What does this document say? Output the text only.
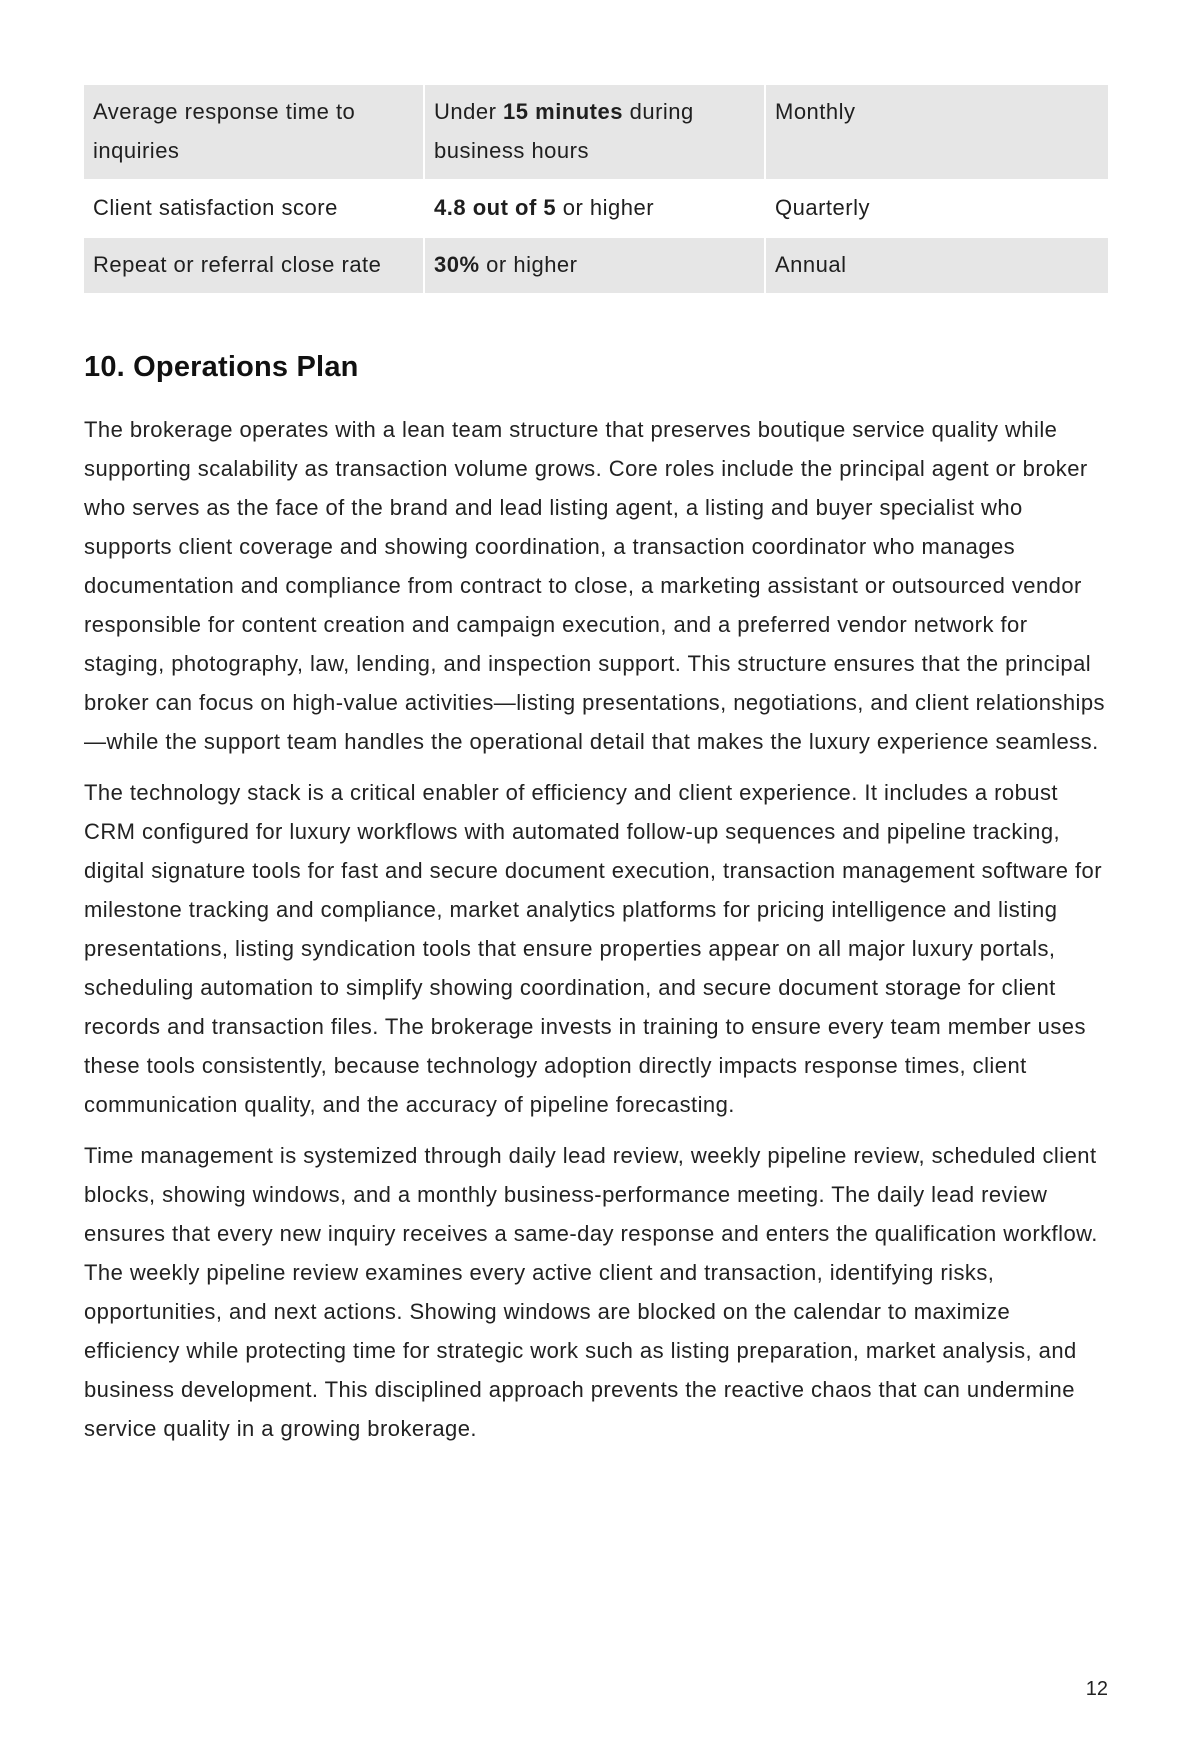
Average response time to inquiries	Under 15 minutes during business hours	Monthly
Client satisfaction score	4.8 out of 5 or higher	Quarterly
Repeat or referral close rate	30% or higher	Annual
10. Operations Plan

The brokerage operates with a lean team structure that preserves boutique service quality while supporting scalability as transaction volume grows. Core roles include the principal agent or broker who serves as the face of the brand and lead listing agent, a listing and buyer specialist who supports client coverage and showing coordination, a transaction coordinator who manages documentation and compliance from contract to close, a marketing assistant or outsourced vendor responsible for content creation and campaign execution, and a preferred vendor network for staging, photography, law, lending, and inspection support. This structure ensures that the principal broker can focus on high-value activities—listing presentations, negotiations, and client relationships—while the support team handles the operational detail that makes the luxury experience seamless.

The technology stack is a critical enabler of efficiency and client experience. It includes a robust CRM configured for luxury workflows with automated follow-up sequences and pipeline tracking, digital signature tools for fast and secure document execution, transaction management software for milestone tracking and compliance, market analytics platforms for pricing intelligence and listing presentations, listing syndication tools that ensure properties appear on all major luxury portals, scheduling automation to simplify showing coordination, and secure document storage for client records and transaction files. The brokerage invests in training to ensure every team member uses these tools consistently, because technology adoption directly impacts response times, client communication quality, and the accuracy of pipeline forecasting.

Time management is systemized through daily lead review, weekly pipeline review, scheduled client blocks, showing windows, and a monthly business-performance meeting. The daily lead review ensures that every new inquiry receives a same-day response and enters the qualification workflow. The weekly pipeline review examines every active client and transaction, identifying risks, opportunities, and next actions. Showing windows are blocked on the calendar to maximize efficiency while protecting time for strategic work such as listing preparation, market analysis, and business development. This disciplined approach prevents the reactive chaos that can undermine service quality in a growing brokerage.

12
